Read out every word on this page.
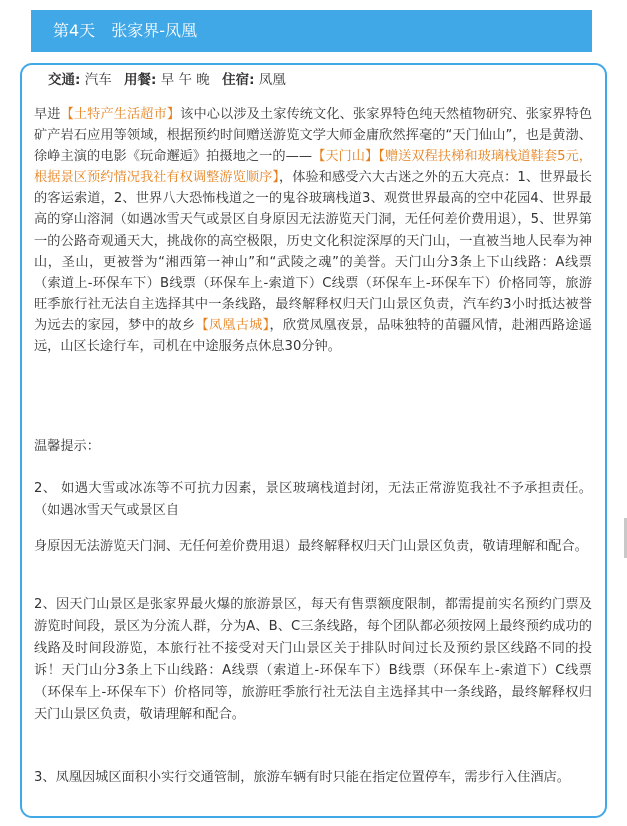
第4天 张家界-凤凰
交通: 汽车 用餐: 早 午 晚 住宿: 凤凰

早进【土特产生活超市】该中心以涉及土家传统文化、张家界特色纯天然植物研究、张家界特色矿产岩石应用等领域，根据预约时间赠送游览文学大师金庸欣然挥毫的“天门仙山”，也是黄渤、徐峥主演的电影《玩命邂逅》拍摄地之一的——【天门山】【赠送双程扶梯和玻璃栈道鞋套5元，根据景区预约情况我社有权调整游览顺序】，体验和感受六大古迷之外的五大亮点：1、世界最长的客运索道，2、世界八大恐怖栈道之一的鬼谷玻璃栈道3、观赏世界最高的空中花园4、世界最高的穿山溶洞（如遇冰雪天气或景区自身原因无法游览天门洞，无任何差价费用退），5、世界第一的公路奇观通天大，挑战你的高空极限，历史文化积淀深厚的天门山，一直被当地人民奉为神山，圣山，更被誉为“湘西第一神山”和“武陵之魂”的美誉。天门山分3条上下山线路：A线票（索道上-环保车下）B线票（环保车上-索道下）C线票（环保车上-环保车下）价格同等，旅游旺季旅行社无法自主选择其中一条线路，最终解释权归天门山景区负责，汽车约3小时抵达被誉为远去的家园，梦中的故乡【凤凰古城】，欣赏凤凰夜景，品味独特的苗疆风情，赴湘西路途遥远，山区长途行车，司机在中途服务点休息30分钟。

温馨提示：
2、 如遇大雪或冰冻等不可抗力因素，景区玻璃栈道封闭，无法正常游览我社不予承担责任。（如遇冰雪天气或景区自
身原因无法游览天门洞、无任何差价费用退）最终解释权归天门山景区负责，敬请理解和配合。
2、因天门山景区是张家界最火爆的旅游景区，每天有售票额度限制，都需提前实名预约门票及游览时间段，景区为分流人群，分为A、B、C三条线路，每个团队都必须按网上最终预约成功的线路及时间段游览，本旅行社不接受对天门山景区关于排队时间过长及预约景区线路不同的投诉！天门山分3条上下山线路：A线票（索道上-环保车下）B线票（环保车上-索道下）C线票（环保车上-环保车下）价格同等，旅游旺季旅行社无法自主选择其中一条线路，最终解释权归天门山景区负责，敬请理解和配合。
3、凤凰因城区面积小实行交通管制，旅游车辆有时只能在指定位置停车，需步行入住酒店。
